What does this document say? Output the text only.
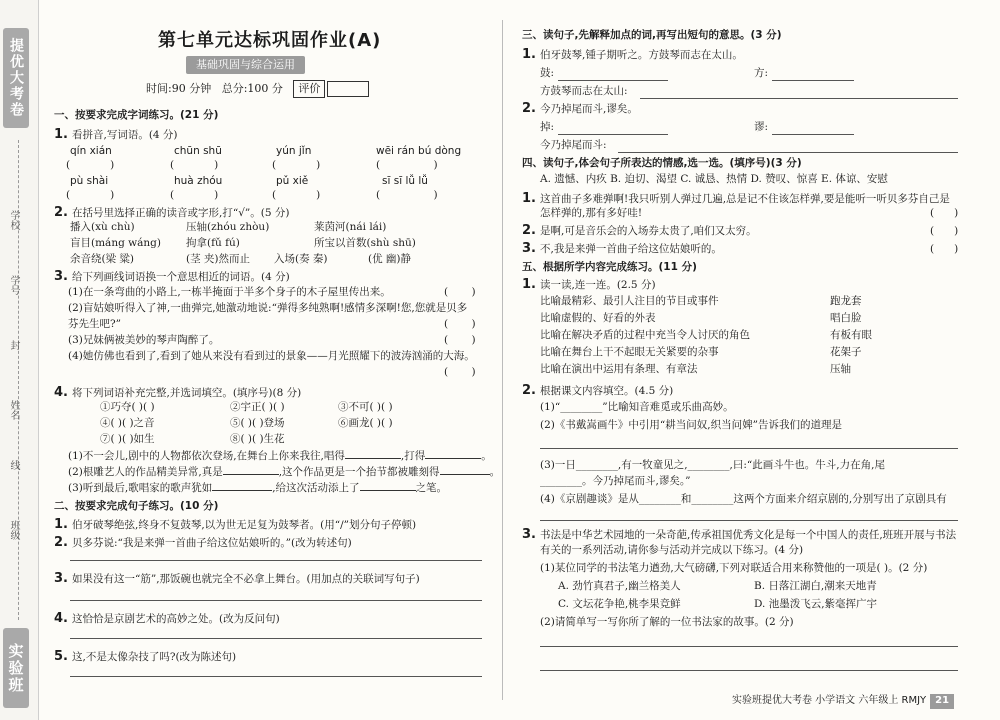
提优大考卷
学校
学号
封
姓名
线
班级
实验班
第七单元达标巩固作业(A)
基础巩固与综合运用
时间:90 分钟 总分:100 分 评价
一、按要求完成字词练习。(21 分)
1. 看拼音,写词语。(4 分)
qín xián	chūn shū	yún jǐn	wēi rán bú dòng
(            )	(            )	(            )	(                )
pù shài	huà zhóu	pǔ xiě	sī sī lǚ lǚ
(            )	(            )	(            )	(                )
2. 在括号里选择正确的读音或字形,打“√”。(5 分)
播入(xù chù)	压轴(zhóu zhòu)	莱茵河(nái lái)
盲目(máng wáng) 拘拿(fǔ fú)	所宝以首数(shù shū)
余音绕(梁 粱)	(茎 夹)然而止 入场(奏 秦)	(优 幽)静
3. 给下列画线词语换一个意思相近的词语。(4 分)
(1)在一条弯曲的小路上,一栋半掩面于半多个身子的木子屋里传出来。	(       )
(2)盲姑娘听得入了神,一曲弹完,她激动地说:“弹得多纯熟啊!感情多深啊!您,您就是贝多
芬先生吧?”	(       )
(3)兄妹俩被美妙的琴声陶醉了。	(       )
(4)她仿佛也看到了,看到了她从来没有看到过的景象——月光照耀下的波涛汹涌的大海。
(       )
4. 将下列词语补充完整,并选词填空。(填序号)(8 分)
①巧夺( )( )	②宇正( )( )	③不可( )( )
④( )( )之音	⑤( )( )登场	⑥画龙( )( )
⑦( )( )如生	⑧( )( )生花
(1)不一会儿,剧中的人物都依次登场,在舞台上你来我往,唱得	,打得	。
(2)根雕艺人的作品精美异常,真是	,这个作品更是一个抬节都被雕刻得	。
(3)听到最后,歌唱家的歌声犹如	,给这次活动添上了	之笔。
二、按要求完成句子练习。(10 分)
1. 伯牙破琴绝弦,终身不复鼓琴,以为世无足复为鼓琴者。(用“/”划分句子停顿)
2. 贝多芬说:“我是来弹一首曲子给这位姑娘听的。”(改为转述句)
3. 如果没有这一“筋”,那饭碗也就完全不必拿上舞台。(用加点的关联词写句子)
4. 这恰恰是京剧艺术的高妙之处。(改为反问句)
5. 这,不是太像杂技了吗?(改为陈述句)
三、读句子,先解释加点的词,再写出短句的意思。(3 分)
1. 伯牙鼓琴,锺子期听之。方鼓琴而志在太山。
鼓:	方:
方鼓琴而志在太山:
2. 今乃掉尾而斗,谬矣。
掉:	谬:
今乃掉尾而斗:
四、读句子,体会句子所表达的情感,选一选。(填序号)(3 分)
A. 遗憾、内疚 B. 迫切、渴望 C. 诚恳、热情 D. 赞叹、惊喜 E. 体谅、安慰
1. 这首曲子多难弹啊!我只听别人弹过几遍,总是记不住该怎样弹,要是能听一听贝多芬自己是
怎样弹的,那有多好哇!	(      )
2. 是啊,可是音乐会的入场券太贵了,咱们又太穷。	(      )
3. 不,我是来弹一首曲子给这位姑娘听的。	(      )
五、根据所学内容完成练习。(11 分)
1. 读一读,连一连。(2.5 分)
比喻最精彩、最引人注目的节目或事件
比喻虚假的、好看的外表
比喻在解决矛盾的过程中充当令人讨厌的角色
比喻在舞台上干不起眼无关紧要的杂事
比喻在演出中运用有条理、有章法
跑龙套
唱白脸
有板有眼
花架子
压轴
2. 根据课文内容填空。(4.5 分)
(1)“________”比喻知音难觅或乐曲高妙。
(2)《书戴嵩画牛》中引用“耕当问奴,织当问婢”告诉我们的道理是
(3)一日________,有一牧童见之,________,曰:“此画斗牛也。牛斗,力在角,尾
________。今乃掉尾而斗,谬矣。”
(4)《京剧趣谈》是从________和________这两个方面来介绍京剧的,分别写出了京剧具有
3. 书法是中华艺术园地的一朵奇葩,传承祖国优秀文化是每一个中国人的责任,班班开展与书法
有关的一系列活动,请你参与活动并完成以下练习。(4 分)
(1)某位同学的书法笔力遒劲,大气磅礴,下列对联适合用来称赞他的一项是( )。(2 分)
A. 劲竹真君子,幽兰格美人	B. 日落江湖白,潮来天地青
C. 文坛花争艳,桃李果竞鲜	D. 池墨泼飞云,紫毫挥广宇
(2)请简单写一写你所了解的一位书法家的故事。(2 分)
实验班提优大考卷 小学语文 六年级上 RMJY 21
